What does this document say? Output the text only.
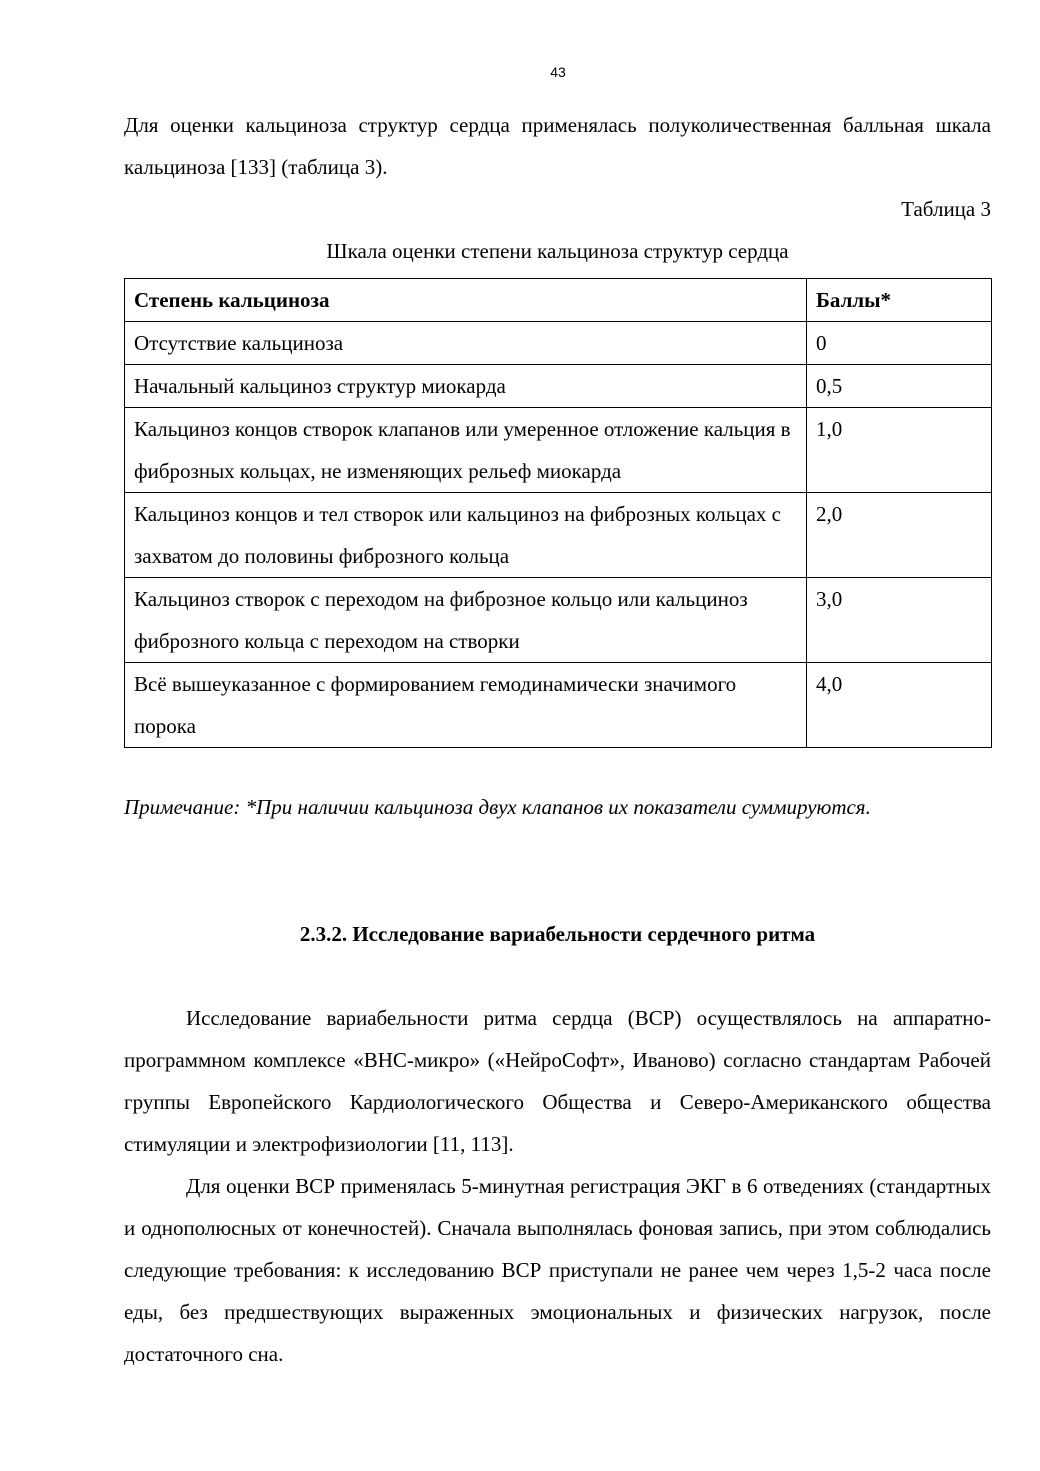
43
Для оценки кальциноза структур сердца применялась полуколичественная балльная шкала кальциноза [133] (таблица 3).
Таблица 3
Шкала оценки степени кальциноза структур сердца
Степень кальциноза	Баллы*
Отсутствие кальциноза	0
Начальный кальциноз структур миокарда	0,5
Кальциноз концов створок клапанов или умеренное отложение кальция в фиброзных кольцах, не изменяющих рельеф миокарда	1,0
Кальциноз концов и тел створок или кальциноз на фиброзных кольцах с захватом до половины фиброзного кольца	2,0
Кальциноз створок с переходом на фиброзное кольцо или кальциноз фиброзного кольца с переходом на створки	3,0
Всё вышеуказанное с формированием гемодинамически значимого порока	4,0
Примечание: *При наличии кальциноза двух клапанов их показатели суммируются.
2.3.2. Исследование вариабельности сердечного ритма
Исследование вариабельности ритма сердца (ВСР) осуществлялось на аппаратно-программном комплексе «ВНС-микро» («НейроСофт», Иваново) согласно стандартам Рабочей группы Европейского Кардиологического Общества и Северо-Американского общества стимуляции и электрофизиологии [11, 113].
Для оценки ВСР применялась 5-минутная регистрация ЭКГ в 6 отведениях (стандартных и однополюсных от конечностей). Сначала выполнялась фоновая запись, при этом соблюдались следующие требования: к исследованию ВСР приступали не ранее чем через 1,5-2 часа после еды, без предшествующих выраженных эмоциональных и физических нагрузок, после достаточного сна.
